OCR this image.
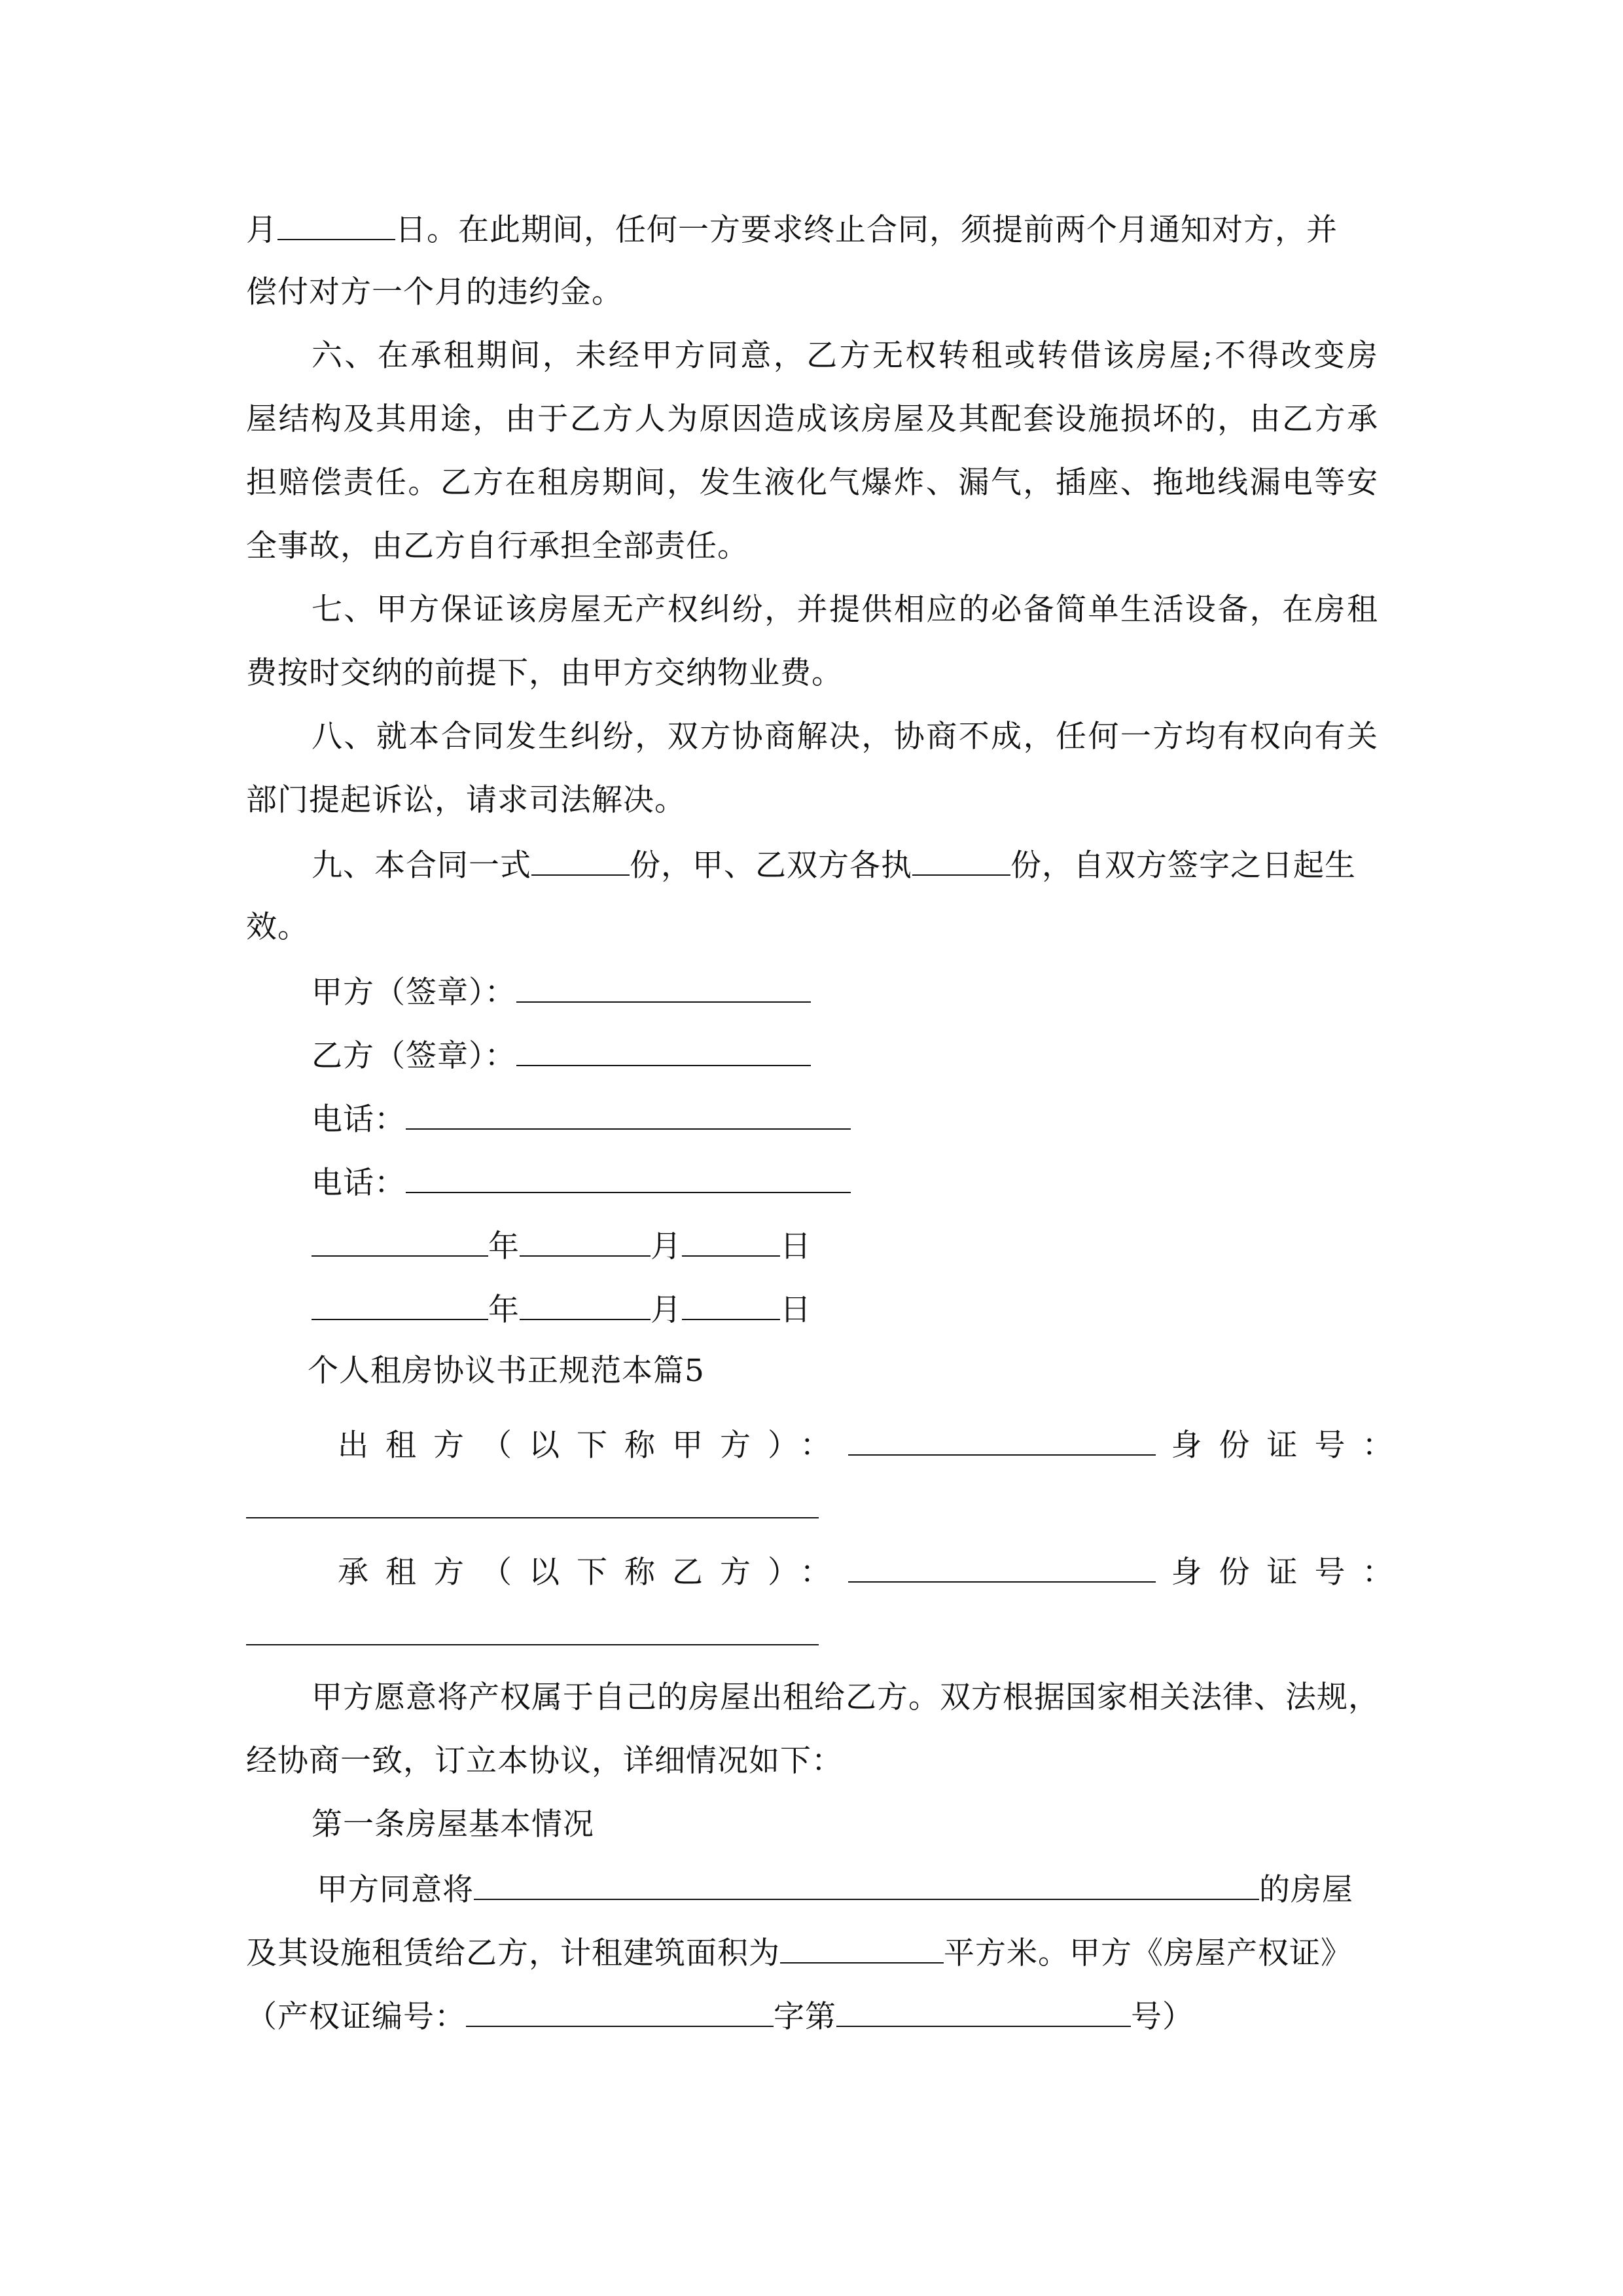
月	日。在此期间，任何一方要求终止合同，须提前两个月通知对方，并
偿付对方一个月的违约金。
六、在承租期间，未经甲方同意，乙方无权转租或转借该房屋;不得改变房
屋结构及其用途，由于乙方人为原因造成该房屋及其配套设施损坏的，由乙方承
担赔偿责任。乙方在租房期间，发生液化气爆炸、漏气，插座、拖地线漏电等安
全事故，由乙方自行承担全部责任。
七、甲方保证该房屋无产权纠纷，并提供相应的必备简单生活设备，在房租
费按时交纳的前提下，由甲方交纳物业费。
八、就本合同发生纠纷，双方协商解决，协商不成，任何一方均有权向有关
部门提起诉讼，请求司法解决。
九、本合同一式	份，甲、乙双方各执	份，自双方签字之日起生
效。
甲方（签章）：
乙方（签章）：
电话：
电话：
年	月	日
年	月	日
个人租房协议书正规范本篇5
出租方（以下称甲方）：	身份证号：
承租方（以下称乙方）：	身份证号：
甲方愿意将产权属于自己的房屋出租给乙方。双方根据国家相关法律、法规，
经协商一致，订立本协议，详细情况如下：
第一条房屋基本情况
甲方同意将	的房屋
及其设施租赁给乙方，计租建筑面积为	平方米。甲方《房屋产权证》
（产权证编号：	字第	号）
